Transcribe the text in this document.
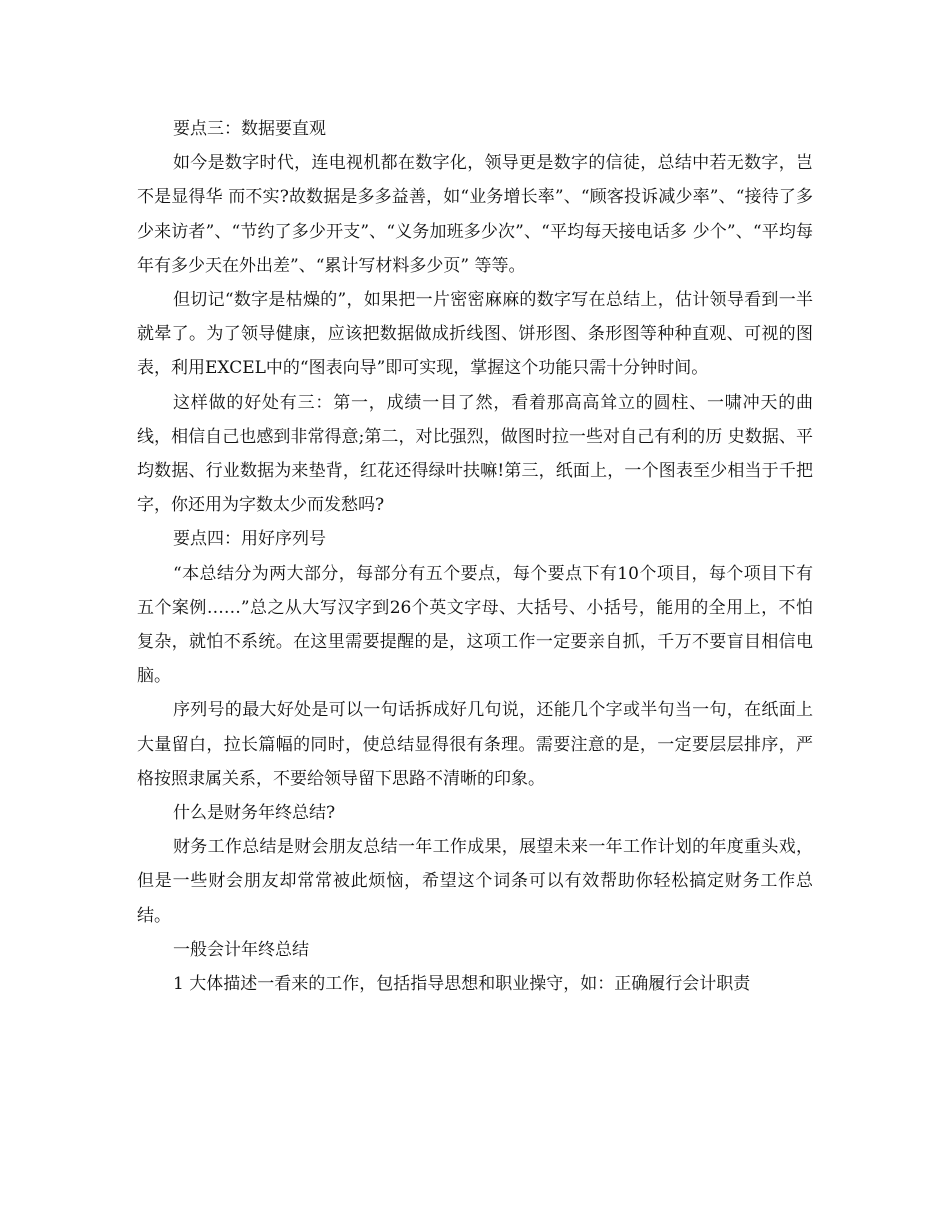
要点三：数据要直观

如今是数字时代，连电视机都在数字化，领导更是数字的信徒，总结中若无数字，岂不是显得华 而不实?故数据是多多益善，如“业务增长率”、“顾客投诉减少率”、“接待了多少来访者”、“节约了多少开支”、“义务加班多少次”、“平均每天接电话多 少个”、“平均每年有多少天在外出差”、“累计写材料多少页” 等等。

但切记“数字是枯燥的”，如果把一片密密麻麻的数字写在总结上，估计领导看到一半就晕了。为了领导健康，应该把数据做成折线图、饼形图、条形图等种种直观、可视的图表，利用EXCEL中的“图表向导”即可实现，掌握这个功能只需十分钟时间。

这样做的好处有三：第一，成绩一目了然，看着那高高耸立的圆柱、一啸冲天的曲线，相信自己也感到非常得意;第二，对比强烈，做图时拉一些对自己有利的历 史数据、平均数据、行业数据为来垫背，红花还得绿叶扶嘛!第三，纸面上，一个图表至少相当于千把字，你还用为字数太少而发愁吗?

要点四：用好序列号

“本总结分为两大部分，每部分有五个要点，每个要点下有10个项目，每个项目下有五个案例……”总之从大写汉字到26个英文字母、大括号、小括号，能用的全用上，不怕复杂，就怕不系统。在这里需要提醒的是，这项工作一定要亲自抓，千万不要盲目相信电脑。

序列号的最大好处是可以一句话拆成好几句说，还能几个字或半句当一句，在纸面上大量留白，拉长篇幅的同时，使总结显得很有条理。需要注意的是，一定要层层排序，严格按照隶属关系，不要给领导留下思路不清晰的印象。

什么是财务年终总结?

财务工作总结是财会朋友总结一年工作成果，展望未来一年工作计划的年度重头戏，但是一些财会朋友却常常被此烦恼，希望这个词条可以有效帮助你轻松搞定财务工作总结。

一般会计年终总结

1 大体描述一看来的工作，包括指导思想和职业操守，如：正确履行会计职责
